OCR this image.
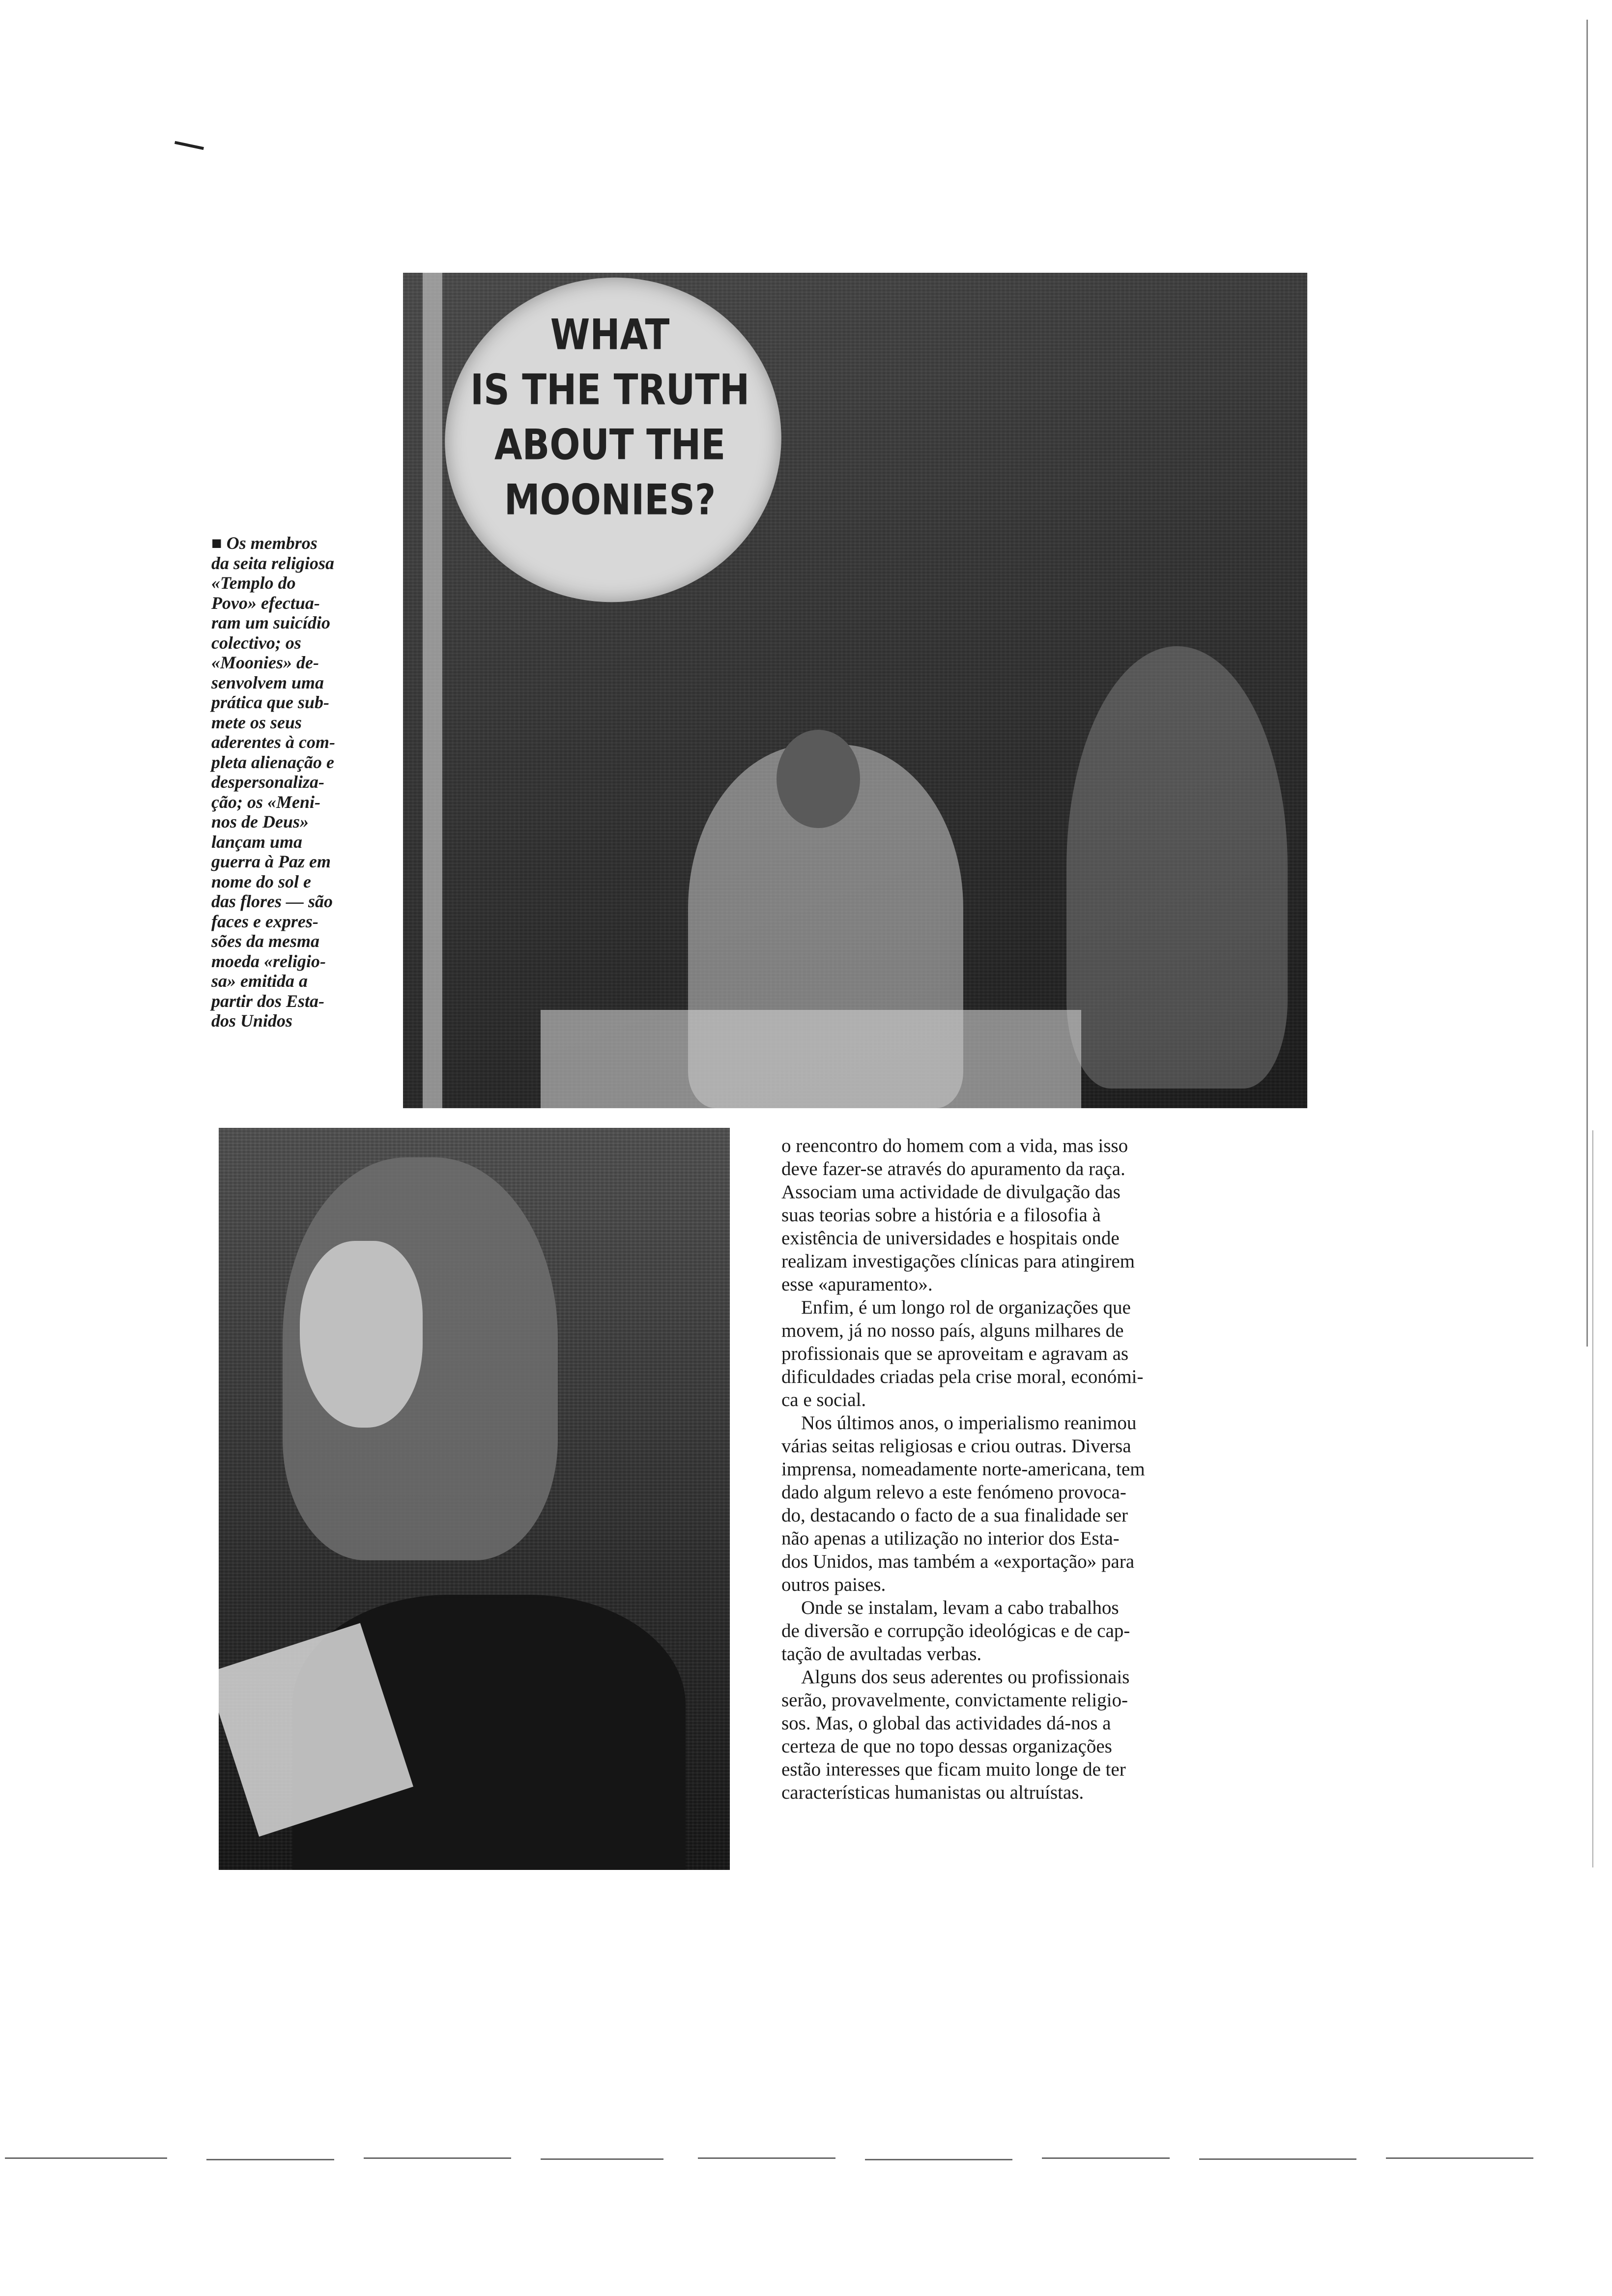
WHAT
IS THE TRUTH
ABOUT THE
MOONIES?
■ Os membros
da seita religiosa
«Templo do
Povo» efectua-
ram um suicídio
colectivo; os
«Moonies» de-
senvolvem uma
prática que sub-
mete os seus
aderentes à com-
pleta alienação e
despersonaliza-
ção; os «Meni-
nos de Deus»
lançam uma
guerra à Paz em
nome do sol e
das flores — são
faces e expres-
sões da mesma
moeda «religio-
sa» emitida a
partir dos Esta-
dos Unidos
o reencontro do homem com a vida, mas isso
deve fazer-se através do apuramento da raça.
Associam uma actividade de divulgação das
suas teorias sobre a história e a filosofia à
existência de universidades e hospitais onde
realizam investigações clínicas para atingirem
esse «apuramento».
Enfim, é um longo rol de organizações que
movem, já no nosso país, alguns milhares de
profissionais que se aproveitam e agravam as
dificuldades criadas pela crise moral, económi-
ca e social.
Nos últimos anos, o imperialismo reanimou
várias seitas religiosas e criou outras. Diversa
imprensa, nomeadamente norte-americana, tem
dado algum relevo a este fenómeno provoca-
do, destacando o facto de a sua finalidade ser
não apenas a utilização no interior dos Esta-
dos Unidos, mas também a «exportação» para
outros paises.
Onde se instalam, levam a cabo trabalhos
de diversão e corrupção ideológicas e de cap-
tação de avultadas verbas.
Alguns dos seus aderentes ou profissionais
serão, provavelmente, convictamente religio-
sos. Mas, o global das actividades dá-nos a
certeza de que no topo dessas organizações
estão interesses que ficam muito longe de ter
características humanistas ou altruístas.
